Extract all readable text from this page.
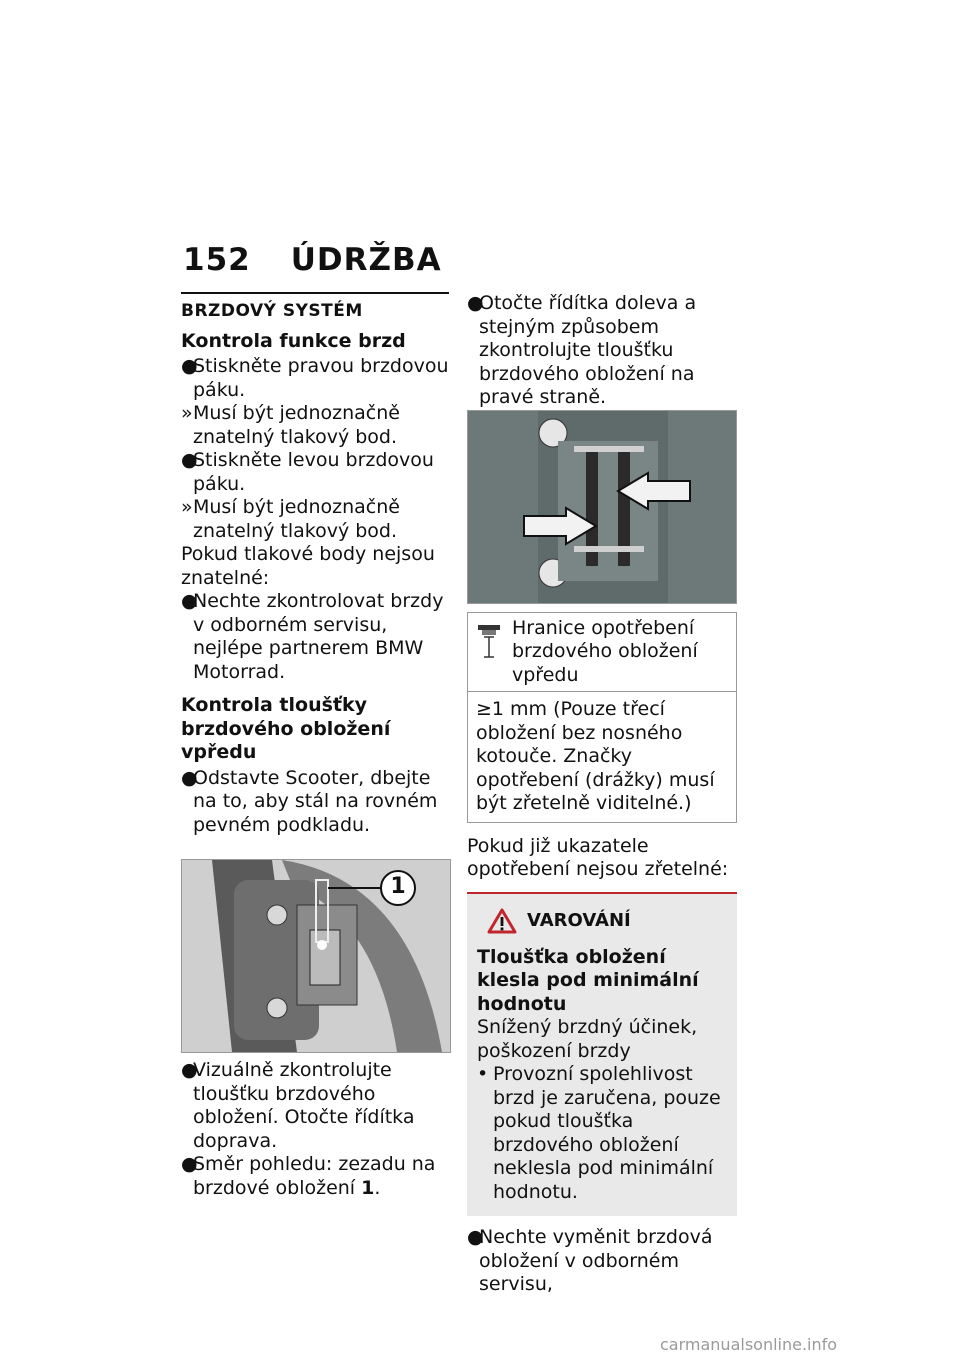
152 ÚDRŽBA
BRZDOVÝ SYSTÉM
Kontrola funkce brzd
●
Stiskněte pravou brzdovou páku.
» Musí být jednoznačně znatelný tlakový bod.
●
Stiskněte levou brzdovou páku.
» Musí být jednoznačně znatelný tlakový bod.

Pokud tlakové body nejsou znatelné:

●
Nechte zkontrolovat brzdy v odborném servisu, nejlépe partnerem BMW Motorrad.
Kontrola tloušťky brzdového obložení vpředu
●
Odstavte Scooter, dbejte na to, aby stál na rovném pevném podkladu.
1
●
Vizuálně zkontrolujte tloušťku brzdového obložení. Otočte řídítka doprava.
●
Směr pohledu: zezadu na brzdové obložení 1.
●
Otočte řídítka doleva a stejným způsobem zkontrolujte tloušťku brzdového obložení na pravé straně.
Hranice opotřebení brzdového obložení vpředu
≥1 mm (Pouze třecí obložení bez nosného kotouče. Značky opotřebení (drážky) musí být zřetelně viditelné.)

Pokud již ukazatele opotřebení nejsou zřetelné:

VAROVÁNÍ
Tloušťka obložení klesla pod minimální hodnotu
Snížený brzdný účinek, poškození brzdy
• Provozní spolehlivost brzd je zaručena, pouze pokud tloušťka brzdového obložení neklesla pod minimální hodnotu.
●
Nechte vyměnit brzdová obložení v odborném servisu,
carmanualsonline.info
